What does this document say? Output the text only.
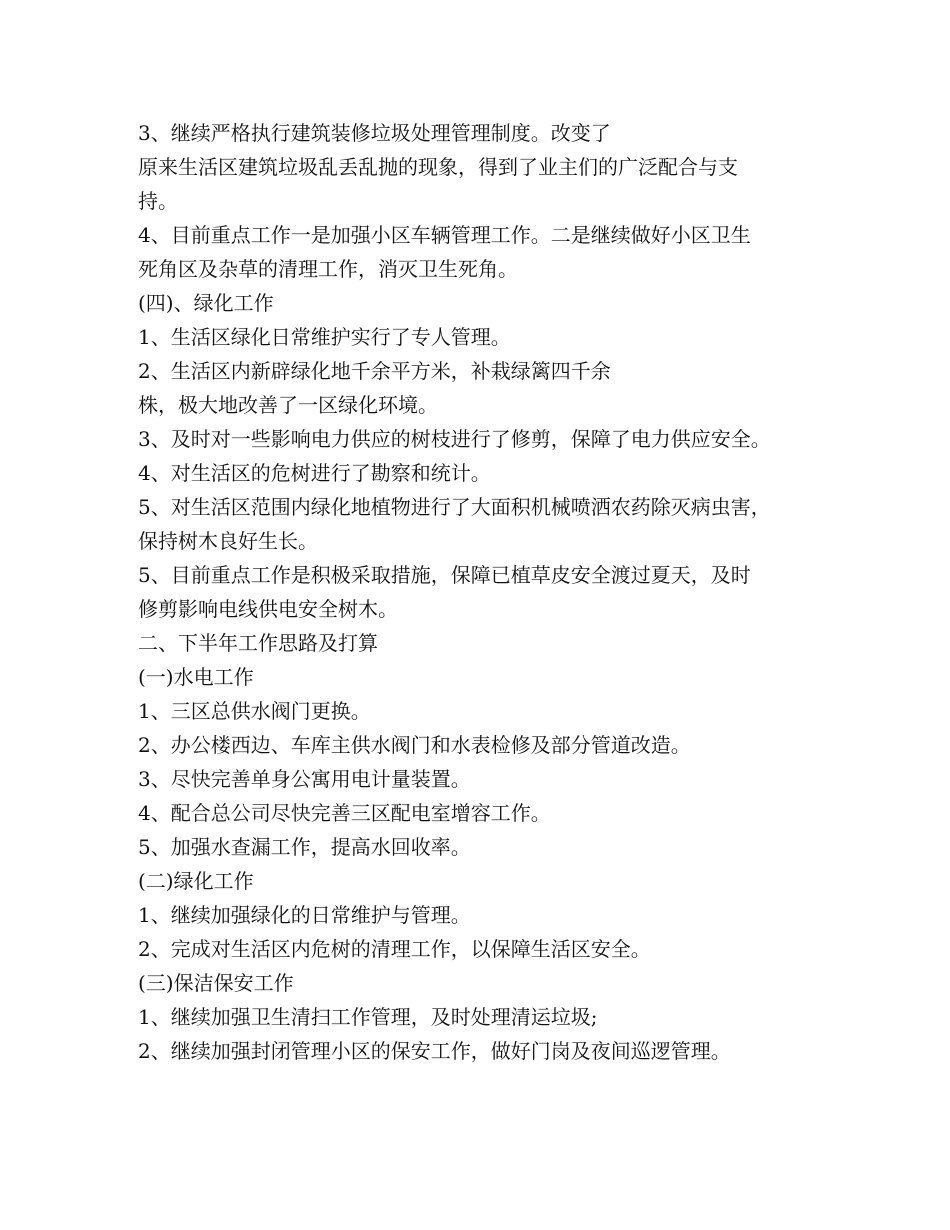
3、继续严格执行建筑装修垃圾处理管理制度。改变了
原来生活区建筑垃圾乱丢乱抛的现象，得到了业主们的广泛配合与支
持。
4、目前重点工作一是加强小区车辆管理工作。二是继续做好小区卫生
死角区及杂草的清理工作，消灭卫生死角。
(四)、绿化工作
1、生活区绿化日常维护实行了专人管理。
2、生活区内新辟绿化地千余平方米，补栽绿篱四千余
株，极大地改善了一区绿化环境。
3、及时对一些影响电力供应的树枝进行了修剪，保障了电力供应安全。
4、对生活区的危树进行了勘察和统计。
5、对生活区范围内绿化地植物进行了大面积机械喷洒农药除灭病虫害，
保持树木良好生长。
5、目前重点工作是积极采取措施，保障已植草皮安全渡过夏天，及时
修剪影响电线供电安全树木。
二、下半年工作思路及打算
(一)水电工作
1、三区总供水阀门更换。
2、办公楼西边、车库主供水阀门和水表检修及部分管道改造。
3、尽快完善单身公寓用电计量装置。
4、配合总公司尽快完善三区配电室增容工作。
5、加强水查漏工作，提高水回收率。
(二)绿化工作
1、继续加强绿化的日常维护与管理。
2、完成对生活区内危树的清理工作，以保障生活区安全。
(三)保洁保安工作
1、继续加强卫生清扫工作管理，及时处理清运垃圾;
2、继续加强封闭管理小区的保安工作，做好门岗及夜间巡逻管理。
